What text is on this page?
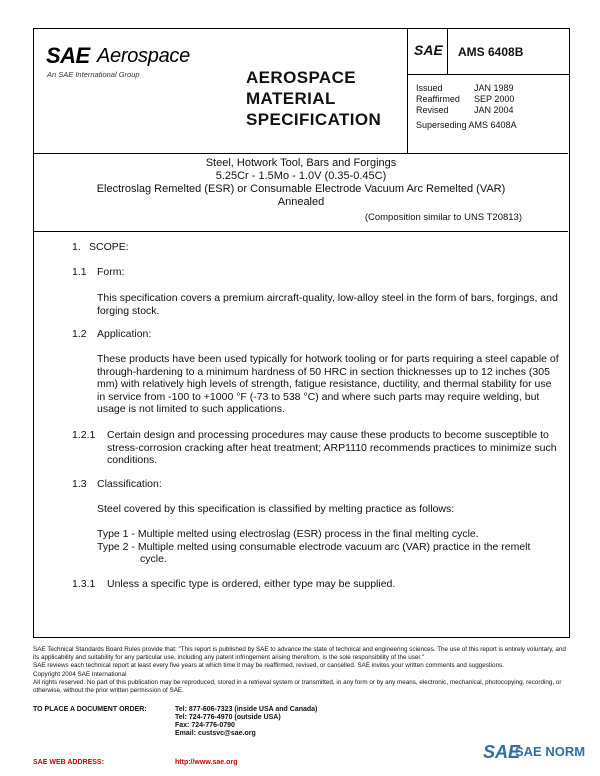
SAE Aerospace
An SAE International Group	AEROSPACE
MATERIAL
SPECIFICATION
SAE AMS 6408B
Issued	JAN 1989
Reaffirmed SEP 2000
Revised	JAN 2004
Superseding AMS 6408A
Steel, Hotwork Tool, Bars and Forgings
5.25Cr - 1.5Mo - 1.0V (0.35-0.45C)
Electroslag Remelted (ESR) or Consumable Electrode Vacuum Arc Remelted (VAR)
Annealed
(Composition similar to UNS T20813)
1. SCOPE:
1.1 Form:
This specification covers a premium aircraft-quality, low-alloy steel in the form of bars, forgings, and forging stock.
1.2 Application:
These products have been used typically for hotwork tooling or for parts requiring a steel capable of through-hardening to a minimum hardness of 50 HRC in section thicknesses up to 12 inches (305 mm) with relatively high levels of strength, fatigue resistance, ductility, and thermal stability for use in service from -100 to +1000 °F (-73 to 538 °C) and where such parts may require welding, but usage is not limited to such applications.
1.2.1 Certain design and processing procedures may cause these products to become susceptible to stress-corrosion cracking after heat treatment; ARP1110 recommends practices to minimize such conditions.
1.3 Classification:
Steel covered by this specification is classified by melting practice as follows:
Type 1 - Multiple melted using electroslag (ESR) process in the final melting cycle.
Type 2 - Multiple melted using consumable electrode vacuum arc (VAR) practice in the remelt
cycle.
1.3.1 Unless a specific type is ordered, either type may be supplied.

SAE Technical Standards Board Rules provide that: "This report is published by SAE to advance the state of technical and engineering sciences. The use of this report is entirely voluntary, and its applicability and suitability for any particular use, including any patent infringement arising therefrom, is the sole responsibility of the user."

SAE reviews each technical report at least every five years at which time it may be reaffirmed, revised, or cancelled. SAE invites your written comments and suggestions.

Copyright 2004 SAE International

All rights reserved. No part of this publication may be reproduced, stored in a retrieval system or transmitted, in any form or by any means, electronic, mechanical, photocopying, recording, or otherwise, without the prior written permission of SAE.

TO PLACE A DOCUMENT ORDER:	Tel: 877-606-7323 (inside USA and Canada)
Tel: 724-776-4970 (outside USA)
Fax: 724-776-0790
Email: custsvc@sae.org
SAE WEB ADDRESS:	http://www.sae.org
SAE
SAE NORM
